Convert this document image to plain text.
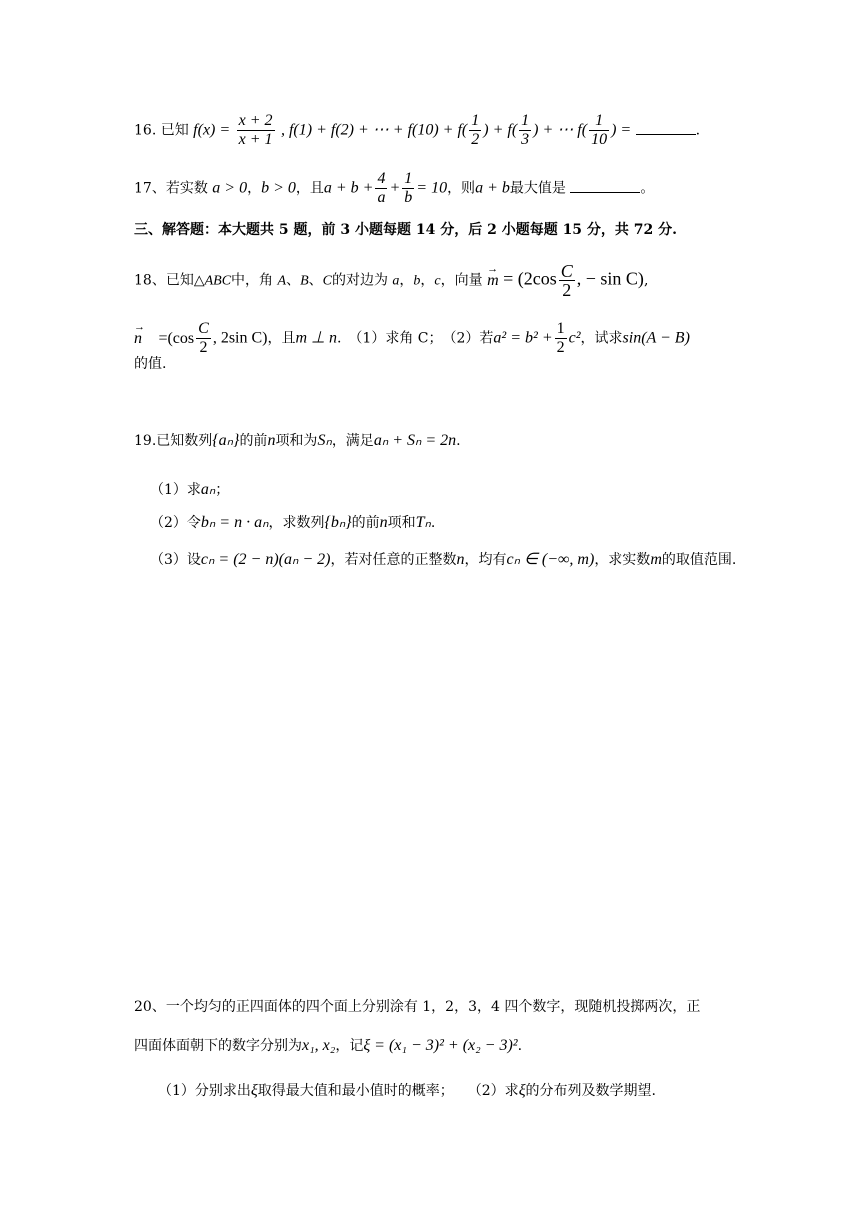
16. 已知 $f(x) = \frac{x + 2}{x + 1}$ , f(1) + f(2) + ⋯ + $f(10) + f( \frac{1}{2}$ ) + $f( \frac{1}{3}$ ) + ⋯ $f( \frac{1}{10}$ ) =	.
17、若实数 a > 0，b > 0，且$a + b + \frac{4}{a} + \frac{1}{b} = 10$，则a + b最大值是	。
三、解答题：本大题共 5 题，前 3 小题每题 14 分，后 2 小题每题 15 分，共 72 分.
18、已知△ABC中，角 A、B、C的对边为 a，b，c，向量 → $m = (2\cos \frac{C}{2}$ , − sin C),
→ $n =(\cos \frac{C}{2}$ , 2sin C)，且m ⊥ n.　（1）求角 C；　（2）若$a^2 = b^2 + \frac{1}{2} c^2$，试求sin(A − B)
的值.
19.已知数列{aₙ}的前n项和为Sₙ，满足aₙ + Sₙ = 2n.
（1）求aₙ；
（2）令bₙ = n · aₙ，求数列{bₙ}的前n项和Tₙ.
（3）设cₙ = (2 − n)(aₙ − 2)，若对任意的正整数n，均有cₙ ∈ (−∞, m)，求实数m的取值范围.
20、一个均匀的正四面体的四个面上分别涂有 1，2，3，4 四个数字，现随机投掷两次，正
四面体面朝下的数字分别为x₁, x₂，记ξ = (x₁ − 3)² + (x₂ − 3)².
（1）分别求出ξ取得最大值和最小值时的概率；　　（2）求ξ的分布列及数学期望.
